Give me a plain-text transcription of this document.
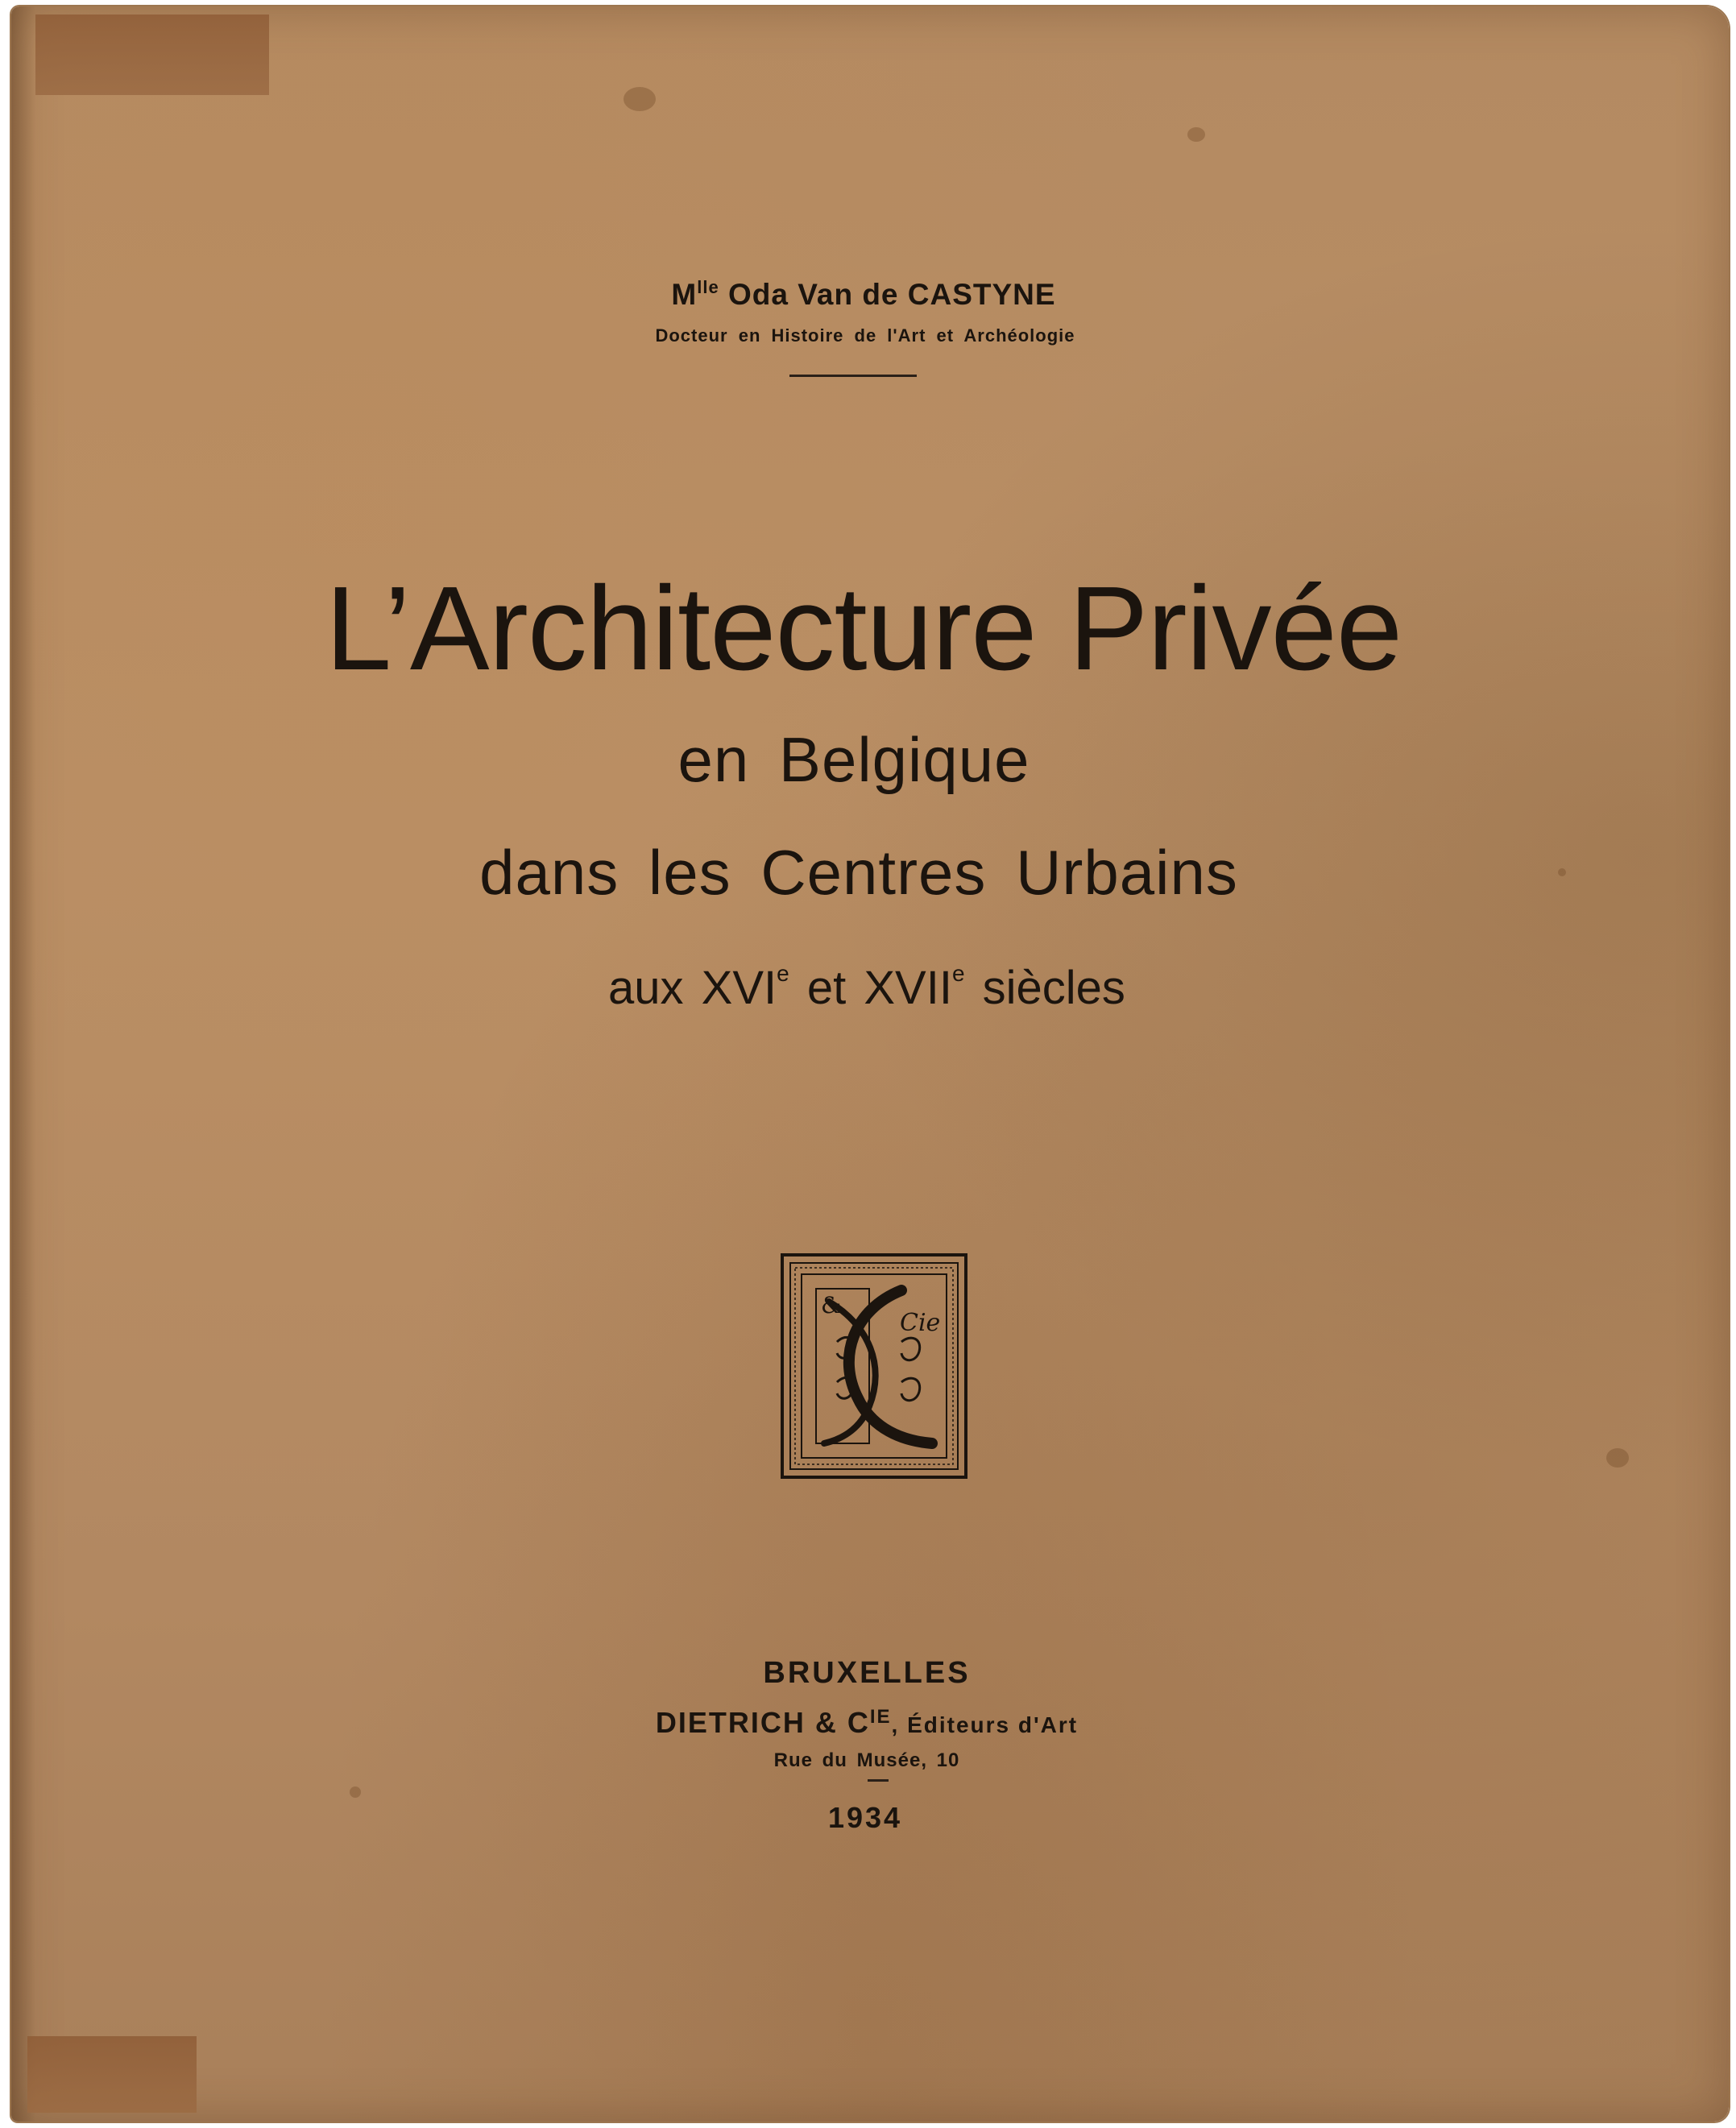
$M^{lle}$ Oda Van de CASTYNE
Docteur en Histoire de l'Art et Archéologie
L’Architecture Privée
en Belgique
dans les Centres Urbains
aux XVIe et XVIIe siècles
&
Cie
BRUXELLES
DIETRICH & $C^{IE}$, Éditeurs d'Art
Rue du Musée, 10
1934
